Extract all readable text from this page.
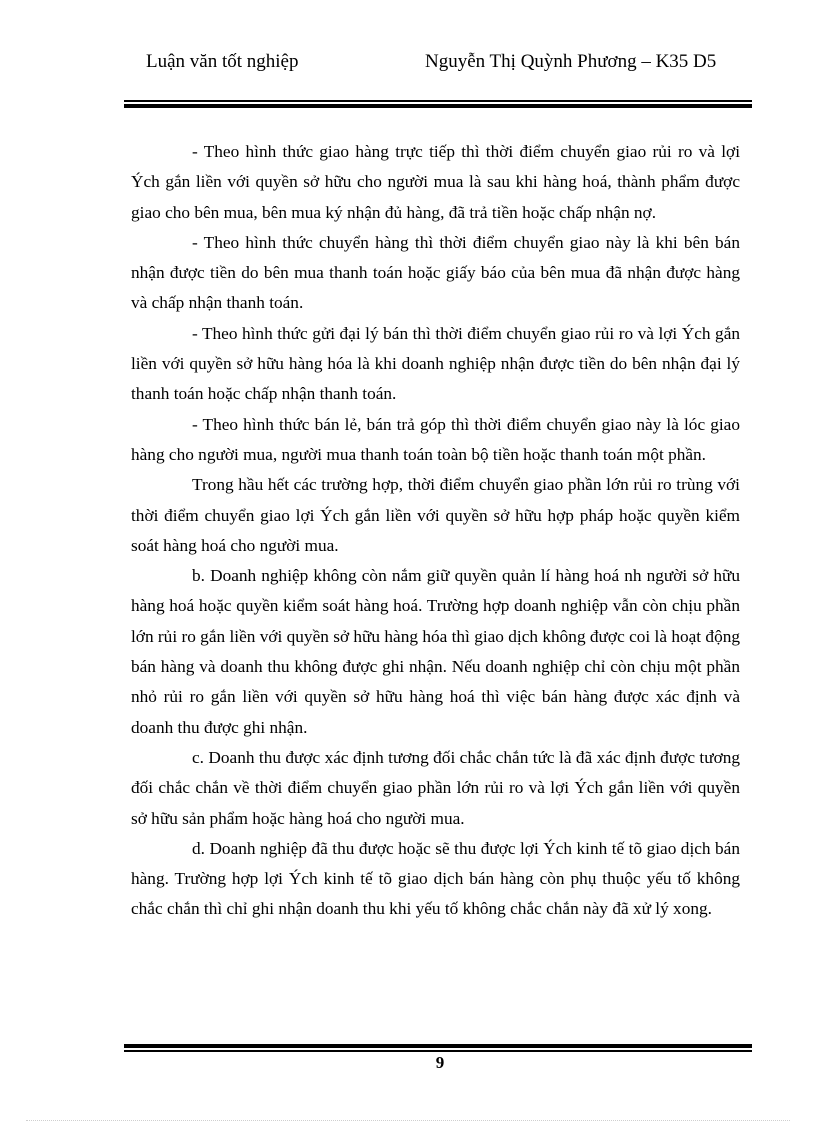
Luận văn tốt nghiệp	Nguyễn Thị Quỳnh Phương – K35 D5

- Theo hình thức giao hàng trực tiếp thì thời điểm chuyển giao rủi ro và lợi Ých gắn liền với quyền sở hữu cho người mua là sau khi hàng hoá, thành phẩm được giao cho bên mua, bên mua ký nhận đủ hàng, đã trả tiền hoặc chấp nhận nợ.

- Theo hình thức chuyển hàng thì thời điểm chuyển giao này là khi bên bán nhận được tiền do bên mua thanh toán hoặc giấy báo của bên mua đã nhận được hàng và chấp nhận thanh toán.

- Theo hình thức gửi đại lý bán thì thời điểm chuyển giao rủi ro và lợi Ých gắn liền với quyền sở hữu hàng hóa là khi doanh nghiệp nhận được tiền do bên nhận đại lý thanh toán hoặc chấp nhận thanh toán.

- Theo hình thức bán lẻ, bán trả góp thì thời điểm chuyển giao này là lóc giao hàng cho người mua, người mua thanh toán toàn bộ tiền hoặc thanh toán một phần.

Trong hầu hết các trường hợp, thời điểm chuyển giao phần lớn rủi ro trùng với thời điểm chuyển giao lợi Ých gắn liền với quyền sở hữu hợp pháp hoặc quyền kiểm soát hàng hoá cho người mua.

b. Doanh nghiệp không còn nắm giữ quyền quản lí hàng hoá nh người sở hữu hàng hoá hoặc quyền kiểm soát hàng hoá. Trường hợp doanh nghiệp vẫn còn chịu phần lớn rủi ro gắn liền với quyền sở hữu hàng hóa thì giao dịch không được coi là hoạt động bán hàng và doanh thu không được ghi nhận. Nếu doanh nghiệp chỉ còn chịu một phần nhỏ rủi ro gắn liền với quyền sở hữu hàng hoá thì việc bán hàng được xác định và doanh thu được ghi nhận.

c. Doanh thu được xác định tương đối chắc chắn tức là đã xác định được tương đối chắc chắn về thời điểm chuyển giao phần lớn rủi ro và lợi Ých gắn liền với quyền sở hữu sản phẩm hoặc hàng hoá cho người mua.

d. Doanh nghiệp đã thu được hoặc sẽ thu được lợi Ých kinh tế tõ giao dịch bán hàng. Trường hợp lợi Ých kinh tế tõ giao dịch bán hàng còn phụ thuộc yếu tố không chắc chắn thì chỉ ghi nhận doanh thu khi yếu tố không chắc chắn này đã xử lý xong.

9
